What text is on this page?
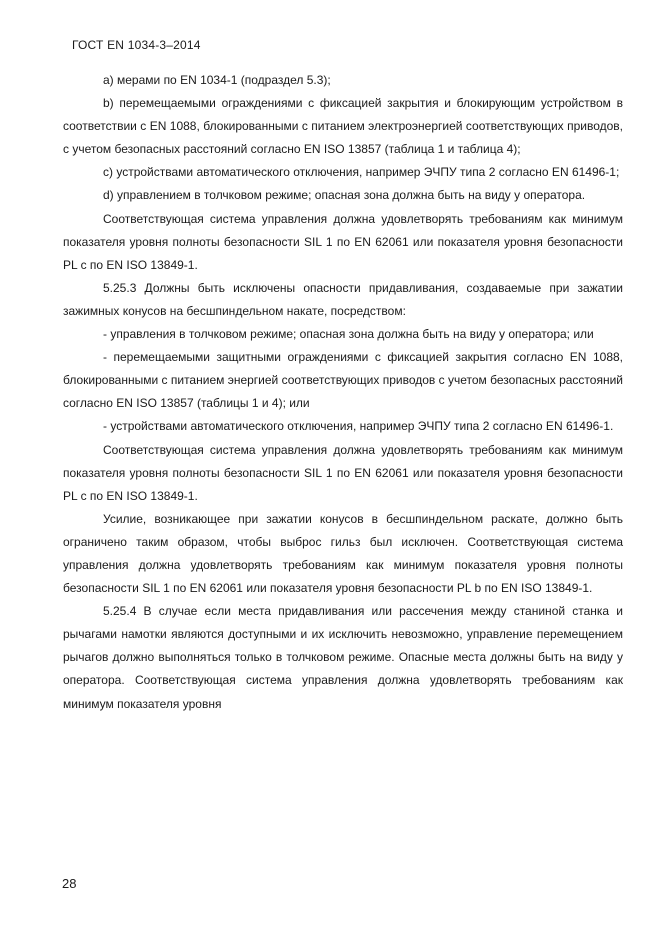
ГОСТ EN 1034-3–2014

а) мерами по EN 1034-1 (подраздел 5.3);

b) перемещаемыми ограждениями с фиксацией закрытия и блокирующим устройством в соответствии с EN 1088, блокированными с питанием электроэнергией соответствующих приводов, с учетом безопасных расстояний согласно EN ISO 13857 (таблица 1 и таблица 4);

c) устройствами автоматического отключения, например ЭЧПУ типа 2 согласно EN 61496-1;

d) управлением в толчковом режиме; опасная зона должна быть на виду у оператора.

Соответствующая система управления должна удовлетворять требованиям как минимум показателя уровня полноты безопасности SIL 1 по EN 62061 или показателя уровня безопасности PL c по EN ISO 13849-1.

5.25.3 Должны быть исключены опасности придавливания, создаваемые при зажатии зажимных конусов на бесшпиндельном накате, посредством:

- управления в толчковом режиме; опасная зона должна быть на виду у оператора; или

- перемещаемыми защитными ограждениями с фиксацией закрытия согласно EN 1088, блокированными с питанием энергией соответствующих приводов с учетом безопасных расстояний согласно EN ISO 13857 (таблицы 1 и 4); или

- устройствами автоматического отключения, например ЭЧПУ типа 2 согласно EN 61496-1.

Соответствующая система управления должна удовлетворять требованиям как минимум показателя уровня полноты безопасности SIL 1 по EN 62061 или показателя уровня безопасности PL c по EN ISO 13849-1.

Усилие, возникающее при зажатии конусов в бесшпиндельном раскате, должно быть ограничено таким образом, чтобы выброс гильз был исключен. Соответствующая система управления должна удовлетворять требованиям как минимум показателя уровня полноты безопасности SIL 1 по EN 62061 или показателя уровня безопасности PL b по EN ISO 13849-1.

5.25.4 В случае если места придавливания или рассечения между станиной станка и рычагами намотки являются доступными и их исключить невозможно, управление перемещением рычагов должно выполняться только в толчковом режиме. Опасные места должны быть на виду у оператора. Соответствующая система управления должна удовлетворять требованиям как минимум показателя уровня

28
